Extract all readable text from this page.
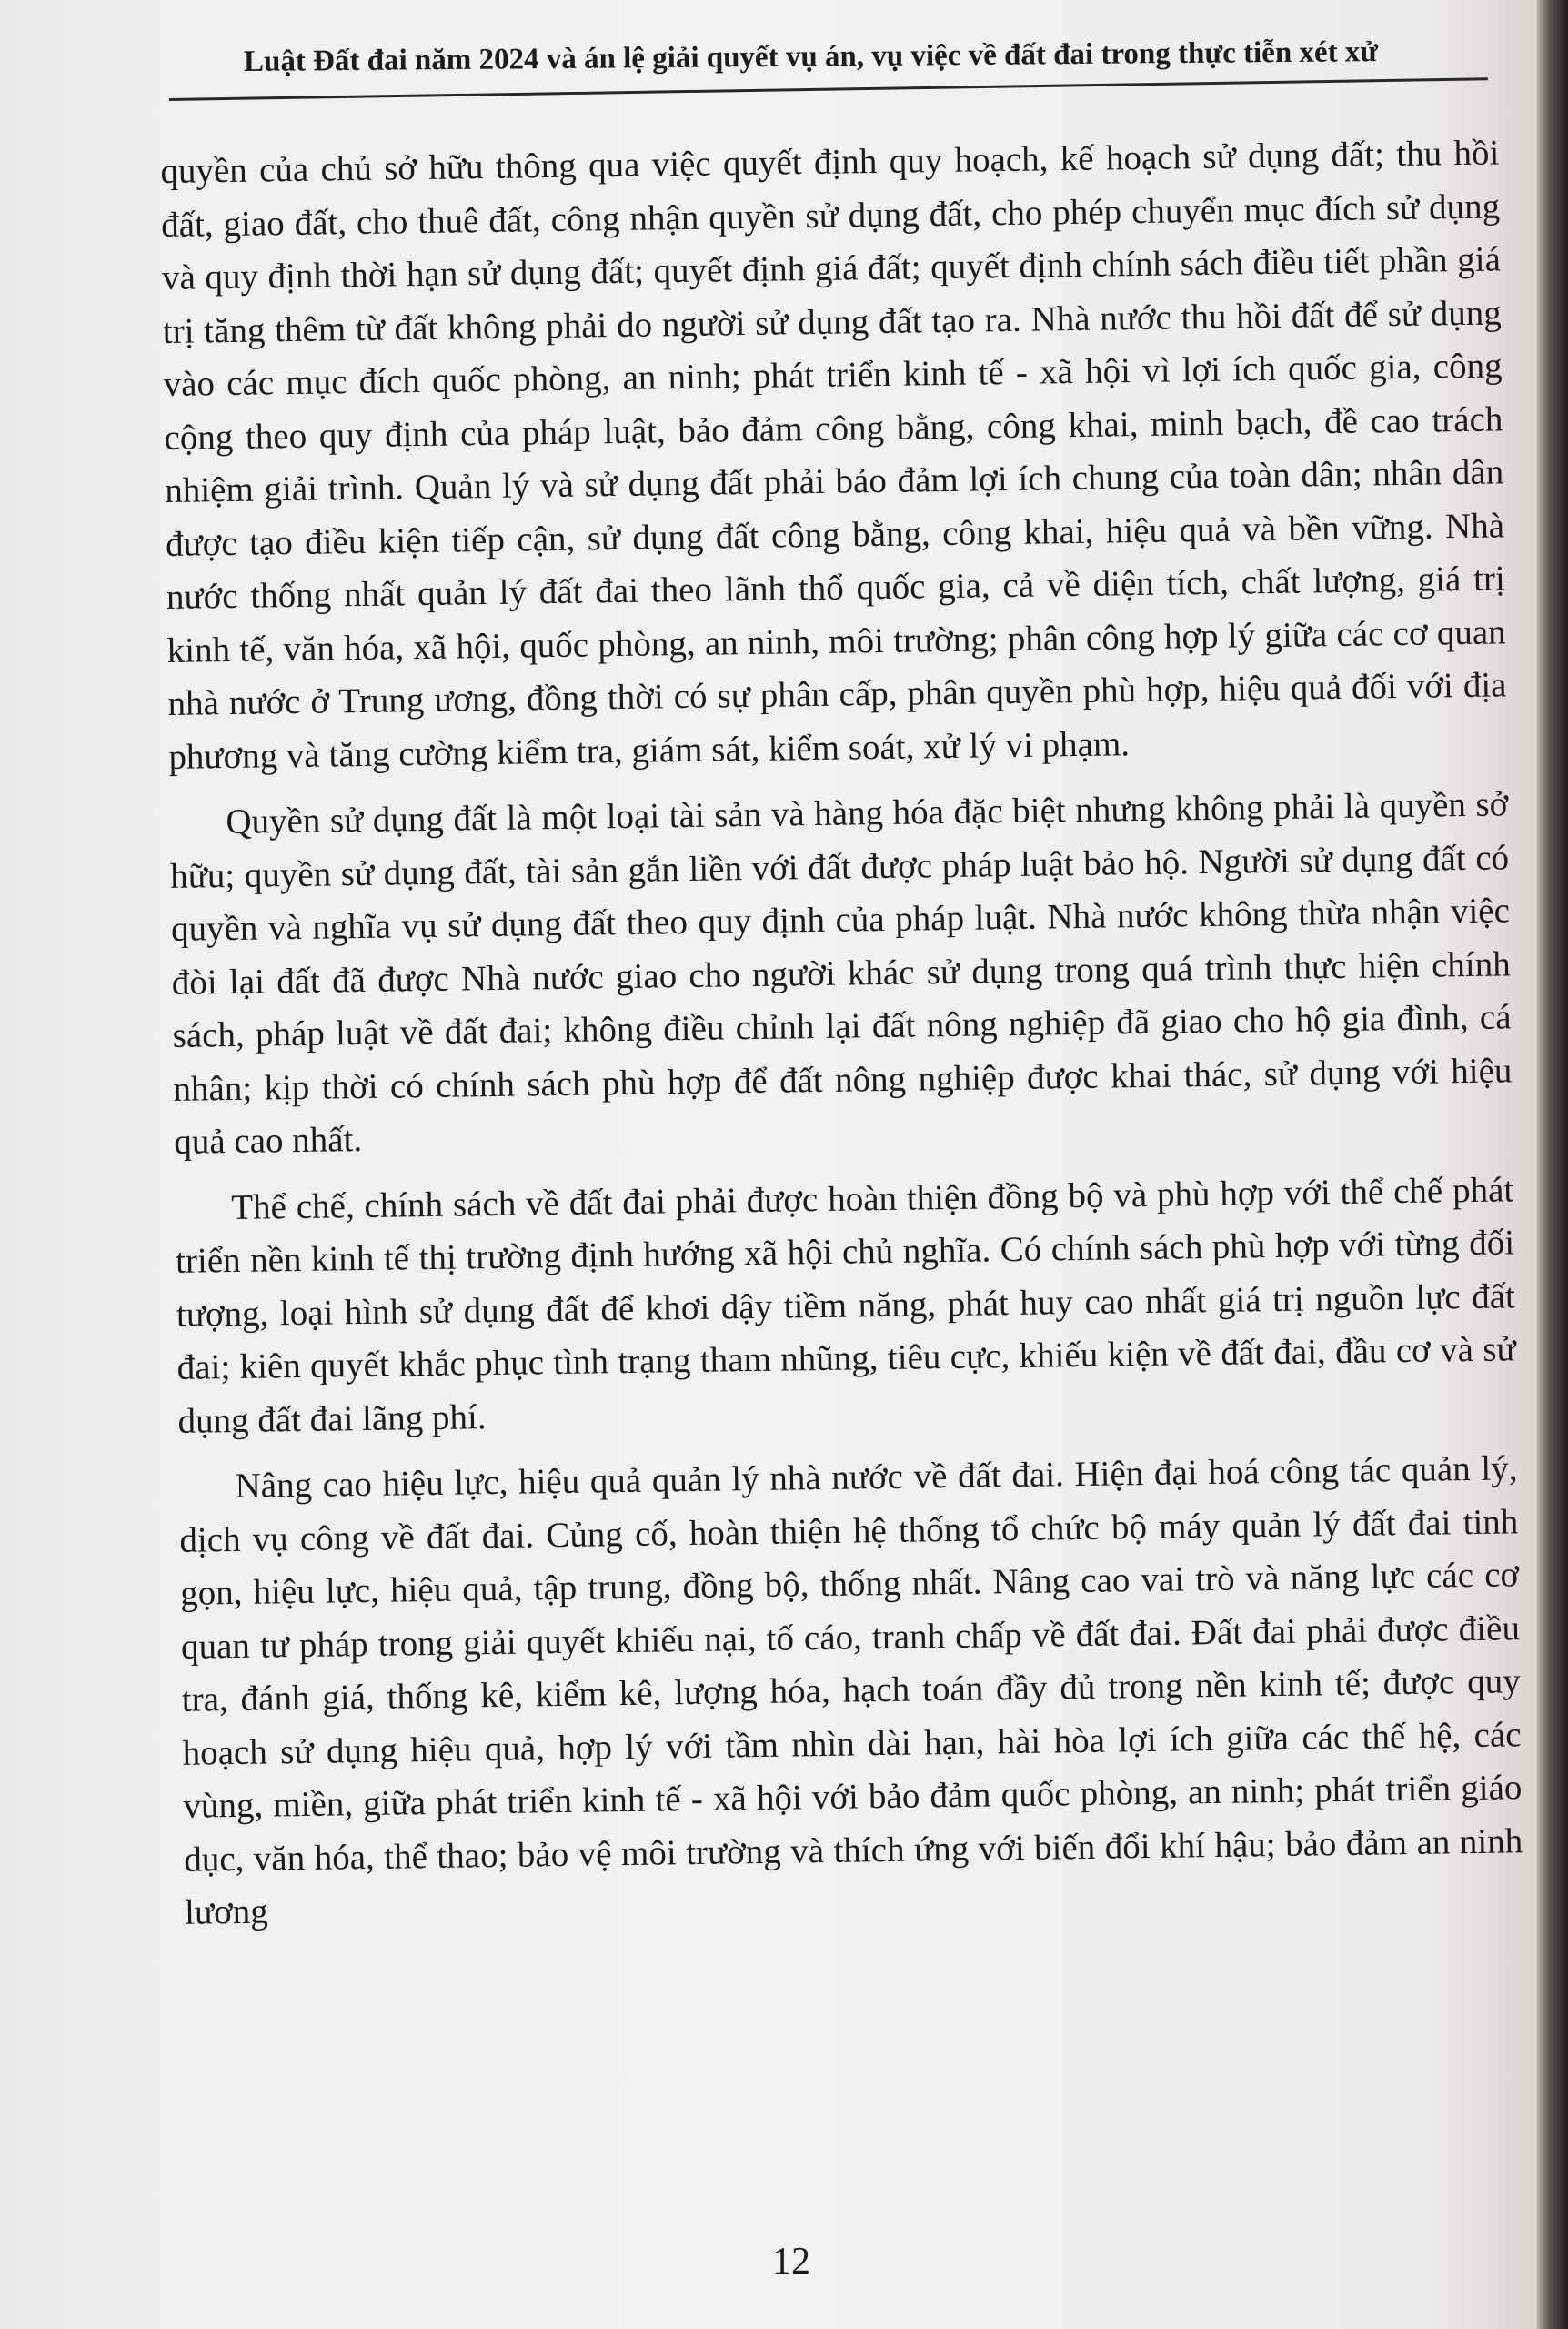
Luật Đất đai năm 2024 và án lệ giải quyết vụ án, vụ việc về đất đai trong thực tiễn xét xử

quyền của chủ sở hữu thông qua việc quyết định quy hoạch, kế hoạch sử dụng đất; thu hồi đất, giao đất, cho thuê đất, công nhận quyền sử dụng đất, cho phép chuyển mục đích sử dụng và quy định thời hạn sử dụng đất; quyết định giá đất; quyết định chính sách điều tiết phần giá trị tăng thêm từ đất không phải do người sử dụng đất tạo ra. Nhà nước thu hồi đất để sử dụng vào các mục đích quốc phòng, an ninh; phát triển kinh tế - xã hội vì lợi ích quốc gia, công cộng theo quy định của pháp luật, bảo đảm công bằng, công khai, minh bạch, đề cao trách nhiệm giải trình. Quản lý và sử dụng đất phải bảo đảm lợi ích chung của toàn dân; nhân dân được tạo điều kiện tiếp cận, sử dụng đất công bằng, công khai, hiệu quả và bền vững. Nhà nước thống nhất quản lý đất đai theo lãnh thổ quốc gia, cả về diện tích, chất lượng, giá trị kinh tế, văn hóa, xã hội, quốc phòng, an ninh, môi trường; phân công hợp lý giữa các cơ quan nhà nước ở Trung ương, đồng thời có sự phân cấp, phân quyền phù hợp, hiệu quả đối với địa phương và tăng cường kiểm tra, giám sát, kiểm soát, xử lý vi phạm.

Quyền sử dụng đất là một loại tài sản và hàng hóa đặc biệt nhưng không phải là quyền sở hữu; quyền sử dụng đất, tài sản gắn liền với đất được pháp luật bảo hộ. Người sử dụng đất có quyền và nghĩa vụ sử dụng đất theo quy định của pháp luật. Nhà nước không thừa nhận việc đòi lại đất đã được Nhà nước giao cho người khác sử dụng trong quá trình thực hiện chính sách, pháp luật về đất đai; không điều chỉnh lại đất nông nghiệp đã giao cho hộ gia đình, cá nhân; kịp thời có chính sách phù hợp để đất nông nghiệp được khai thác, sử dụng với hiệu quả cao nhất.

Thể chế, chính sách về đất đai phải được hoàn thiện đồng bộ và phù hợp với thể chế phát triển nền kinh tế thị trường định hướng xã hội chủ nghĩa. Có chính sách phù hợp với từng đối tượng, loại hình sử dụng đất để khơi dậy tiềm năng, phát huy cao nhất giá trị nguồn lực đất đai; kiên quyết khắc phục tình trạng tham nhũng, tiêu cực, khiếu kiện về đất đai, đầu cơ và sử dụng đất đai lãng phí.

Nâng cao hiệu lực, hiệu quả quản lý nhà nước về đất đai. Hiện đại hoá công tác quản lý, dịch vụ công về đất đai. Củng cố, hoàn thiện hệ thống tổ chức bộ máy quản lý đất đai tinh gọn, hiệu lực, hiệu quả, tập trung, đồng bộ, thống nhất. Nâng cao vai trò và năng lực các cơ quan tư pháp trong giải quyết khiếu nại, tố cáo, tranh chấp về đất đai. Đất đai phải được điều tra, đánh giá, thống kê, kiểm kê, lượng hóa, hạch toán đầy đủ trong nền kinh tế; được quy hoạch sử dụng hiệu quả, hợp lý với tầm nhìn dài hạn, hài hòa lợi ích giữa các thế hệ, các vùng, miền, giữa phát triển kinh tế - xã hội với bảo đảm quốc phòng, an ninh; phát triển giáo dục, văn hóa, thể thao; bảo vệ môi trường và thích ứng với biến đổi khí hậu; bảo đảm an ninh lương

12
